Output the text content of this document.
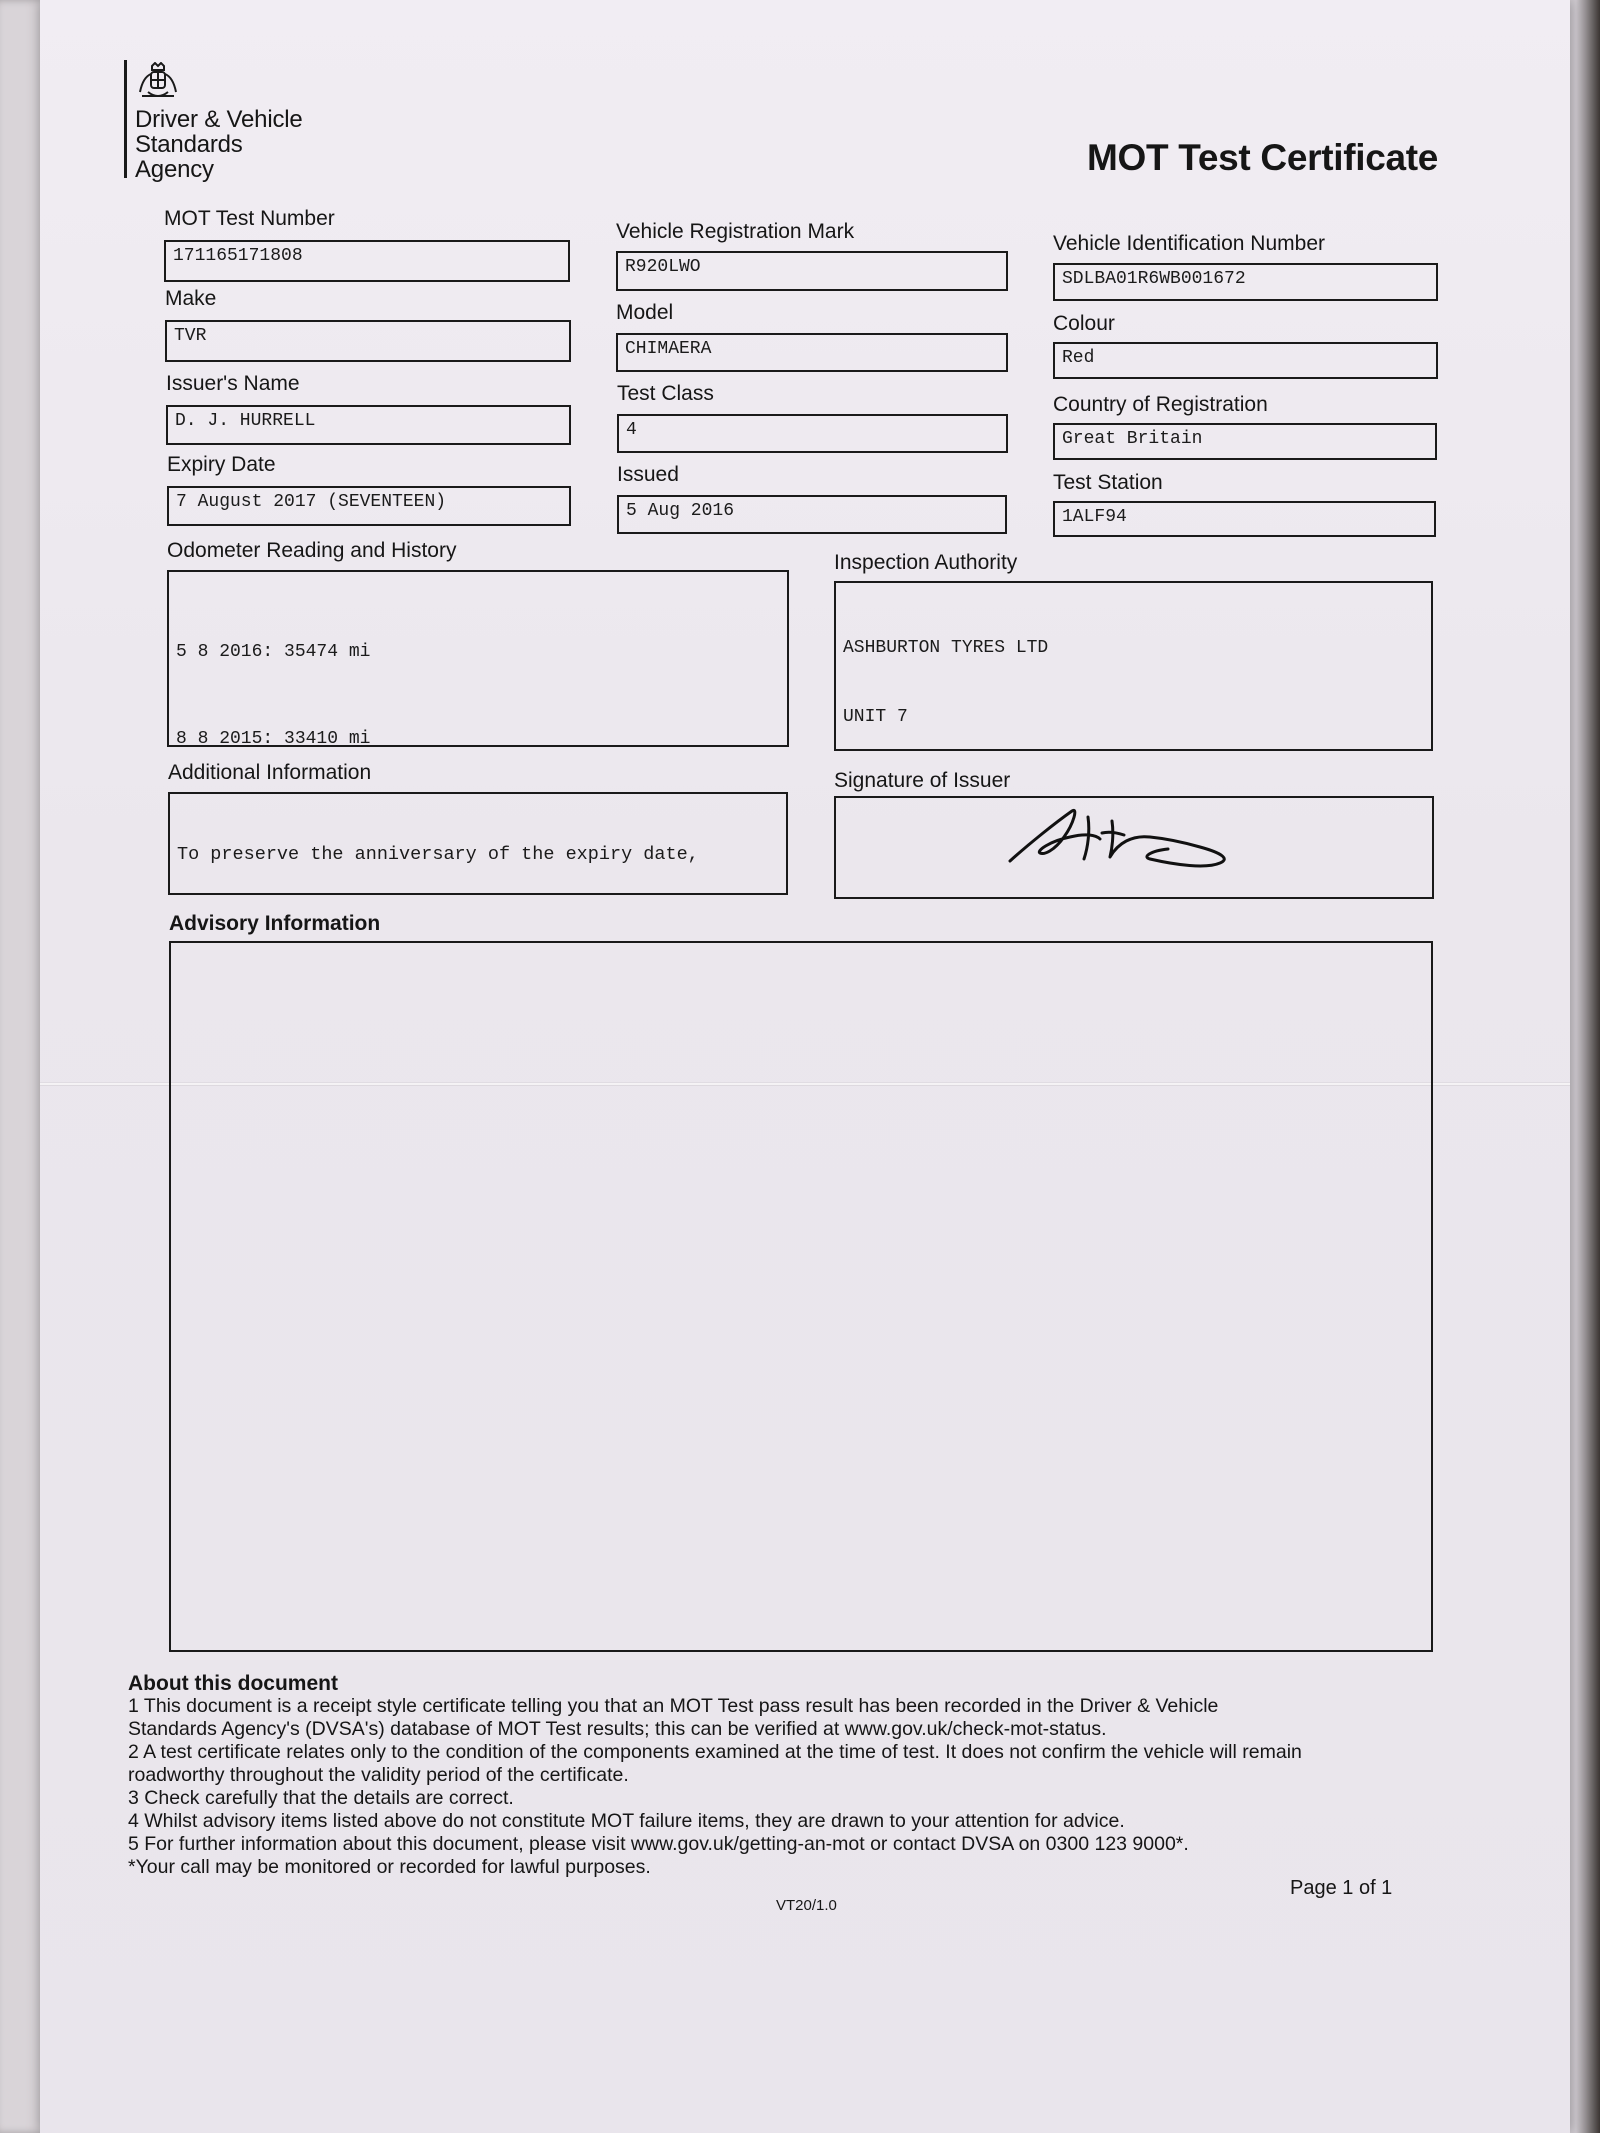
Driver & Vehicle
Standards
Agency	MOT Test Certificate
MOT Test Number
171165171808
Make
TVR
Issuer's Name
D. J. HURRELL
Expiry Date
7 August 2017 (SEVENTEEN)
Vehicle Registration Mark
R920LWO
Model
CHIMAERA
Test Class
4
Issued
5 Aug 2016
Vehicle Identification Number
SDLBA01R6WB001672
Colour
Red
Country of Registration
Great Britain
Test Station
1ALF94
Odometer Reading and History

5 8 2016: 35474 mi

8 8 2015: 33410 mi

Inspection Authority

ASHBURTON TYRES LTD

UNIT 7

Additional Information

To preserve the anniversary of the expiry date,

Signature of Issuer
Advisory Information
About this document
1 This document is a receipt style certificate telling you that an MOT Test pass result has been recorded in the Driver & Vehicle
Standards Agency's (DVSA's) database of MOT Test results; this can be verified at www.gov.uk/check-mot-status.
2 A test certificate relates only to the condition of the components examined at the time of test. It does not confirm the vehicle will remain
roadworthy throughout the validity period of the certificate.
3 Check carefully that the details are correct.
4 Whilst advisory items listed above do not constitute MOT failure items, they are drawn to your attention for advice.
5 For further information about this document, please visit www.gov.uk/getting-an-mot or contact DVSA on 0300 123 9000*.
*Your call may be monitored or recorded for lawful purposes.
Page 1 of 1
VT20/1.0
